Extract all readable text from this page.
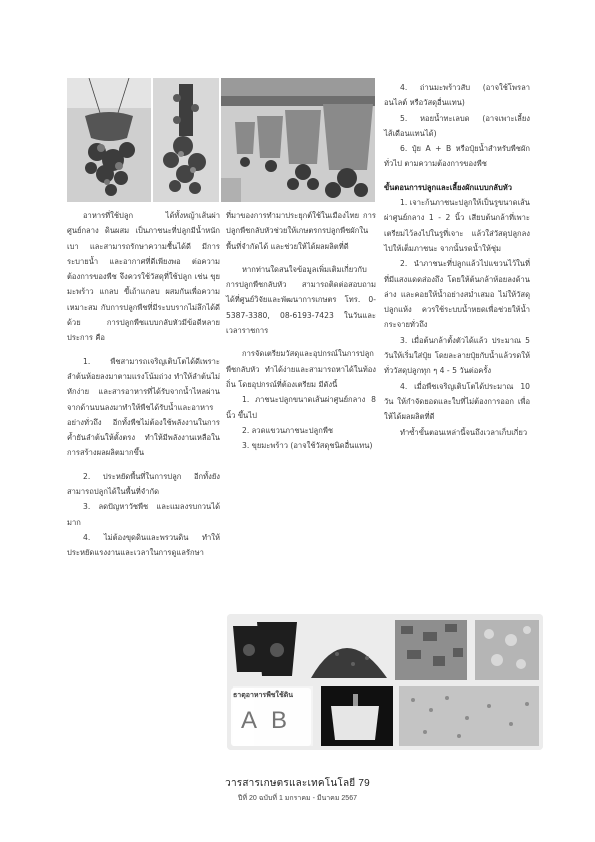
อาหารที่ใช้ปลูก ได้ทั้งหญ้าเส้นผ่าศูนย์กลาง ดินผสม เป็นภาชนะที่ปลูกมีน้ำหนักเบา และสามารถรักษาความชื้นได้ดี มีการระบายน้ำ และอากาศที่ดีเพียงพอ ต่อความต้องการของพืช จึงควรใช้วัสดุที่ใช้ปลูก เช่น ขุยมะพร้าว แกลบ ขี้เถ้าแกลบ ผสมกันเพื่อความเหมาะสม กับการปลูกพืชที่มีระบบรากไม่ลึกได้ดีด้วย การปลูกพืชแบบกลับหัวมีข้อดีหลายประการ คือ

1. พืชสามารถเจริญเติบโตได้ดีเพราะลำต้นห้อยลงมาตามแรงโน้มถ่วง ทำให้ลำต้นไม่หักง่าย และสารอาหารที่ได้รับจากน้ำไหลผ่านจากด้านบนลงมาทำให้พืชได้รับน้ำและอาหารอย่างทั่วถึง อีกทั้งพืชไม่ต้องใช้พลังงานในการค้ำยันลำต้นให้ตั้งตรง ทำให้มีพลังงานเหลือในการสร้างผลผลิตมากขึ้น

2. ประหยัดพื้นที่ในการปลูก อีกทั้งยังสามารถปลูกได้ในพื้นที่จำกัด

3. ลดปัญหาวัชพืช และแมลงรบกวนได้มาก

4. ไม่ต้องขุดดินและพรวนดิน ทำให้ประหยัดแรงงานและเวลาในการดูแลรักษา

ที่มาของการทำมาประยุกต์ใช้ในเมืองไทย การปลูกพืชกลับหัวช่วยให้เกษตรกรปลูกพืชผักในพื้นที่จำกัดได้ และช่วยให้ได้ผลผลิตที่ดี

หากท่านใดสนใจข้อมูลเพิ่มเติมเกี่ยวกับการปลูกพืชกลับหัว สามารถติดต่อสอบถามได้ที่ศูนย์วิจัยและพัฒนาการเกษตร โทร. 0-5387-3380, 08-6193-7423 ในวันและเวลาราชการ

การจัดเตรียมวัสดุและอุปกรณ์ในการปลูกพืชกลับหัว ทำได้ง่ายและสามารถหาได้ในท้องถิ่น โดยอุปกรณ์ที่ต้องเตรียม มีดังนี้

1. ภาชนะปลูกขนาดเส้นผ่าศูนย์กลาง 8 นิ้ว ขึ้นไป

2. ลวดแขวนภาชนะปลูกพืช

3. ขุยมะพร้าว (อาจใช้วัสดุชนิดอื่นแทน)

4. ถ่านมะพร้าวสับ (อาจใช้โพรลาอนไลต์ หรือวัสดุอื่นแทน)

5. หอยน้ำทะเลบด (อาจเพาะเลี้ยงไส้เดือนแทนได้)

6. ปุ๋ย A + B หรือปุ๋ยน้ำสำหรับพืชผักทั่วไป ตามความต้องการของพืช

ขั้นตอนการปลูกและเลี้ยงผักแบบกลับหัว

1. เจาะก้นภาชนะปลูกให้เป็นรูขนาดเส้นผ่าศูนย์กลาง 1 - 2 นิ้ว เสียบต้นกล้าที่เพาะเตรียมไว้ลงไปในรูที่เจาะ แล้วใส่วัสดุปลูกลงไปให้เต็มภาชนะ จากนั้นรดน้ำให้ชุ่ม

2. นำภาชนะที่ปลูกแล้วไปแขวนไว้ในที่ที่มีแสงแดดส่องถึง โดยให้ต้นกล้าห้อยลงด้านล่าง และคอยให้น้ำอย่างสม่ำเสมอ ไม่ให้วัสดุปลูกแห้ง ควรใช้ระบบน้ำหยดเพื่อช่วยให้น้ำกระจายทั่วถึง

3. เมื่อต้นกล้าตั้งตัวได้แล้ว ประมาณ 5 วันให้เริ่มใส่ปุ๋ย โดยละลายปุ๋ยกับน้ำแล้วรดให้ทั่ววัสดุปลูกทุก ๆ 4 - 5 วันต่อครั้ง

4. เมื่อพืชเจริญเติบโตได้ประมาณ 10 วัน ให้กำจัดยอดและใบที่ไม่ต้องการออก เพื่อให้ได้ผลผลิตที่ดี

ทำซ้ำขั้นตอนเหล่านี้จนถึงเวลาเก็บเกี่ยว

ธาตุอาหารพืชใช้ดิน
A B
วารสารเกษตรและเทคโนโลยี 79
ปีที่ 20 ฉบับที่ 1 มกราคม - มีนาคม 2567
